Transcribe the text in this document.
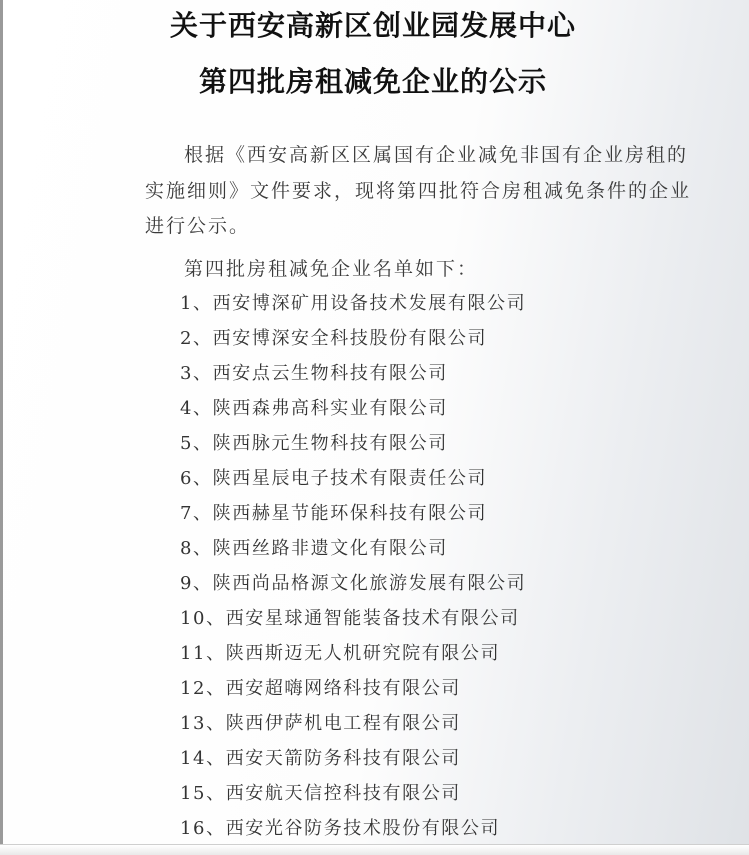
关于西安高新区创业园发展中心
第四批房租减免企业的公示
根据《西安高新区区属国有企业减免非国有企业房租的
实施细则》文件要求，现将第四批符合房租减免条件的企业
进行公示。
第四批房租减免企业名单如下：
1、西安博深矿用设备技术发展有限公司
2、西安博深安全科技股份有限公司
3、西安点云生物科技有限公司
4、陕西森弗高科实业有限公司
5、陕西脉元生物科技有限公司
6、陕西星辰电子技术有限责任公司
7、陕西赫星节能环保科技有限公司
8、陕西丝路非遗文化有限公司
9、陕西尚品格源文化旅游发展有限公司
10、西安星球通智能装备技术有限公司
11、陕西斯迈无人机研究院有限公司
12、西安超嗨网络科技有限公司
13、陕西伊萨机电工程有限公司
14、西安天箭防务科技有限公司
15、西安航天信控科技有限公司
16、西安光谷防务技术股份有限公司
